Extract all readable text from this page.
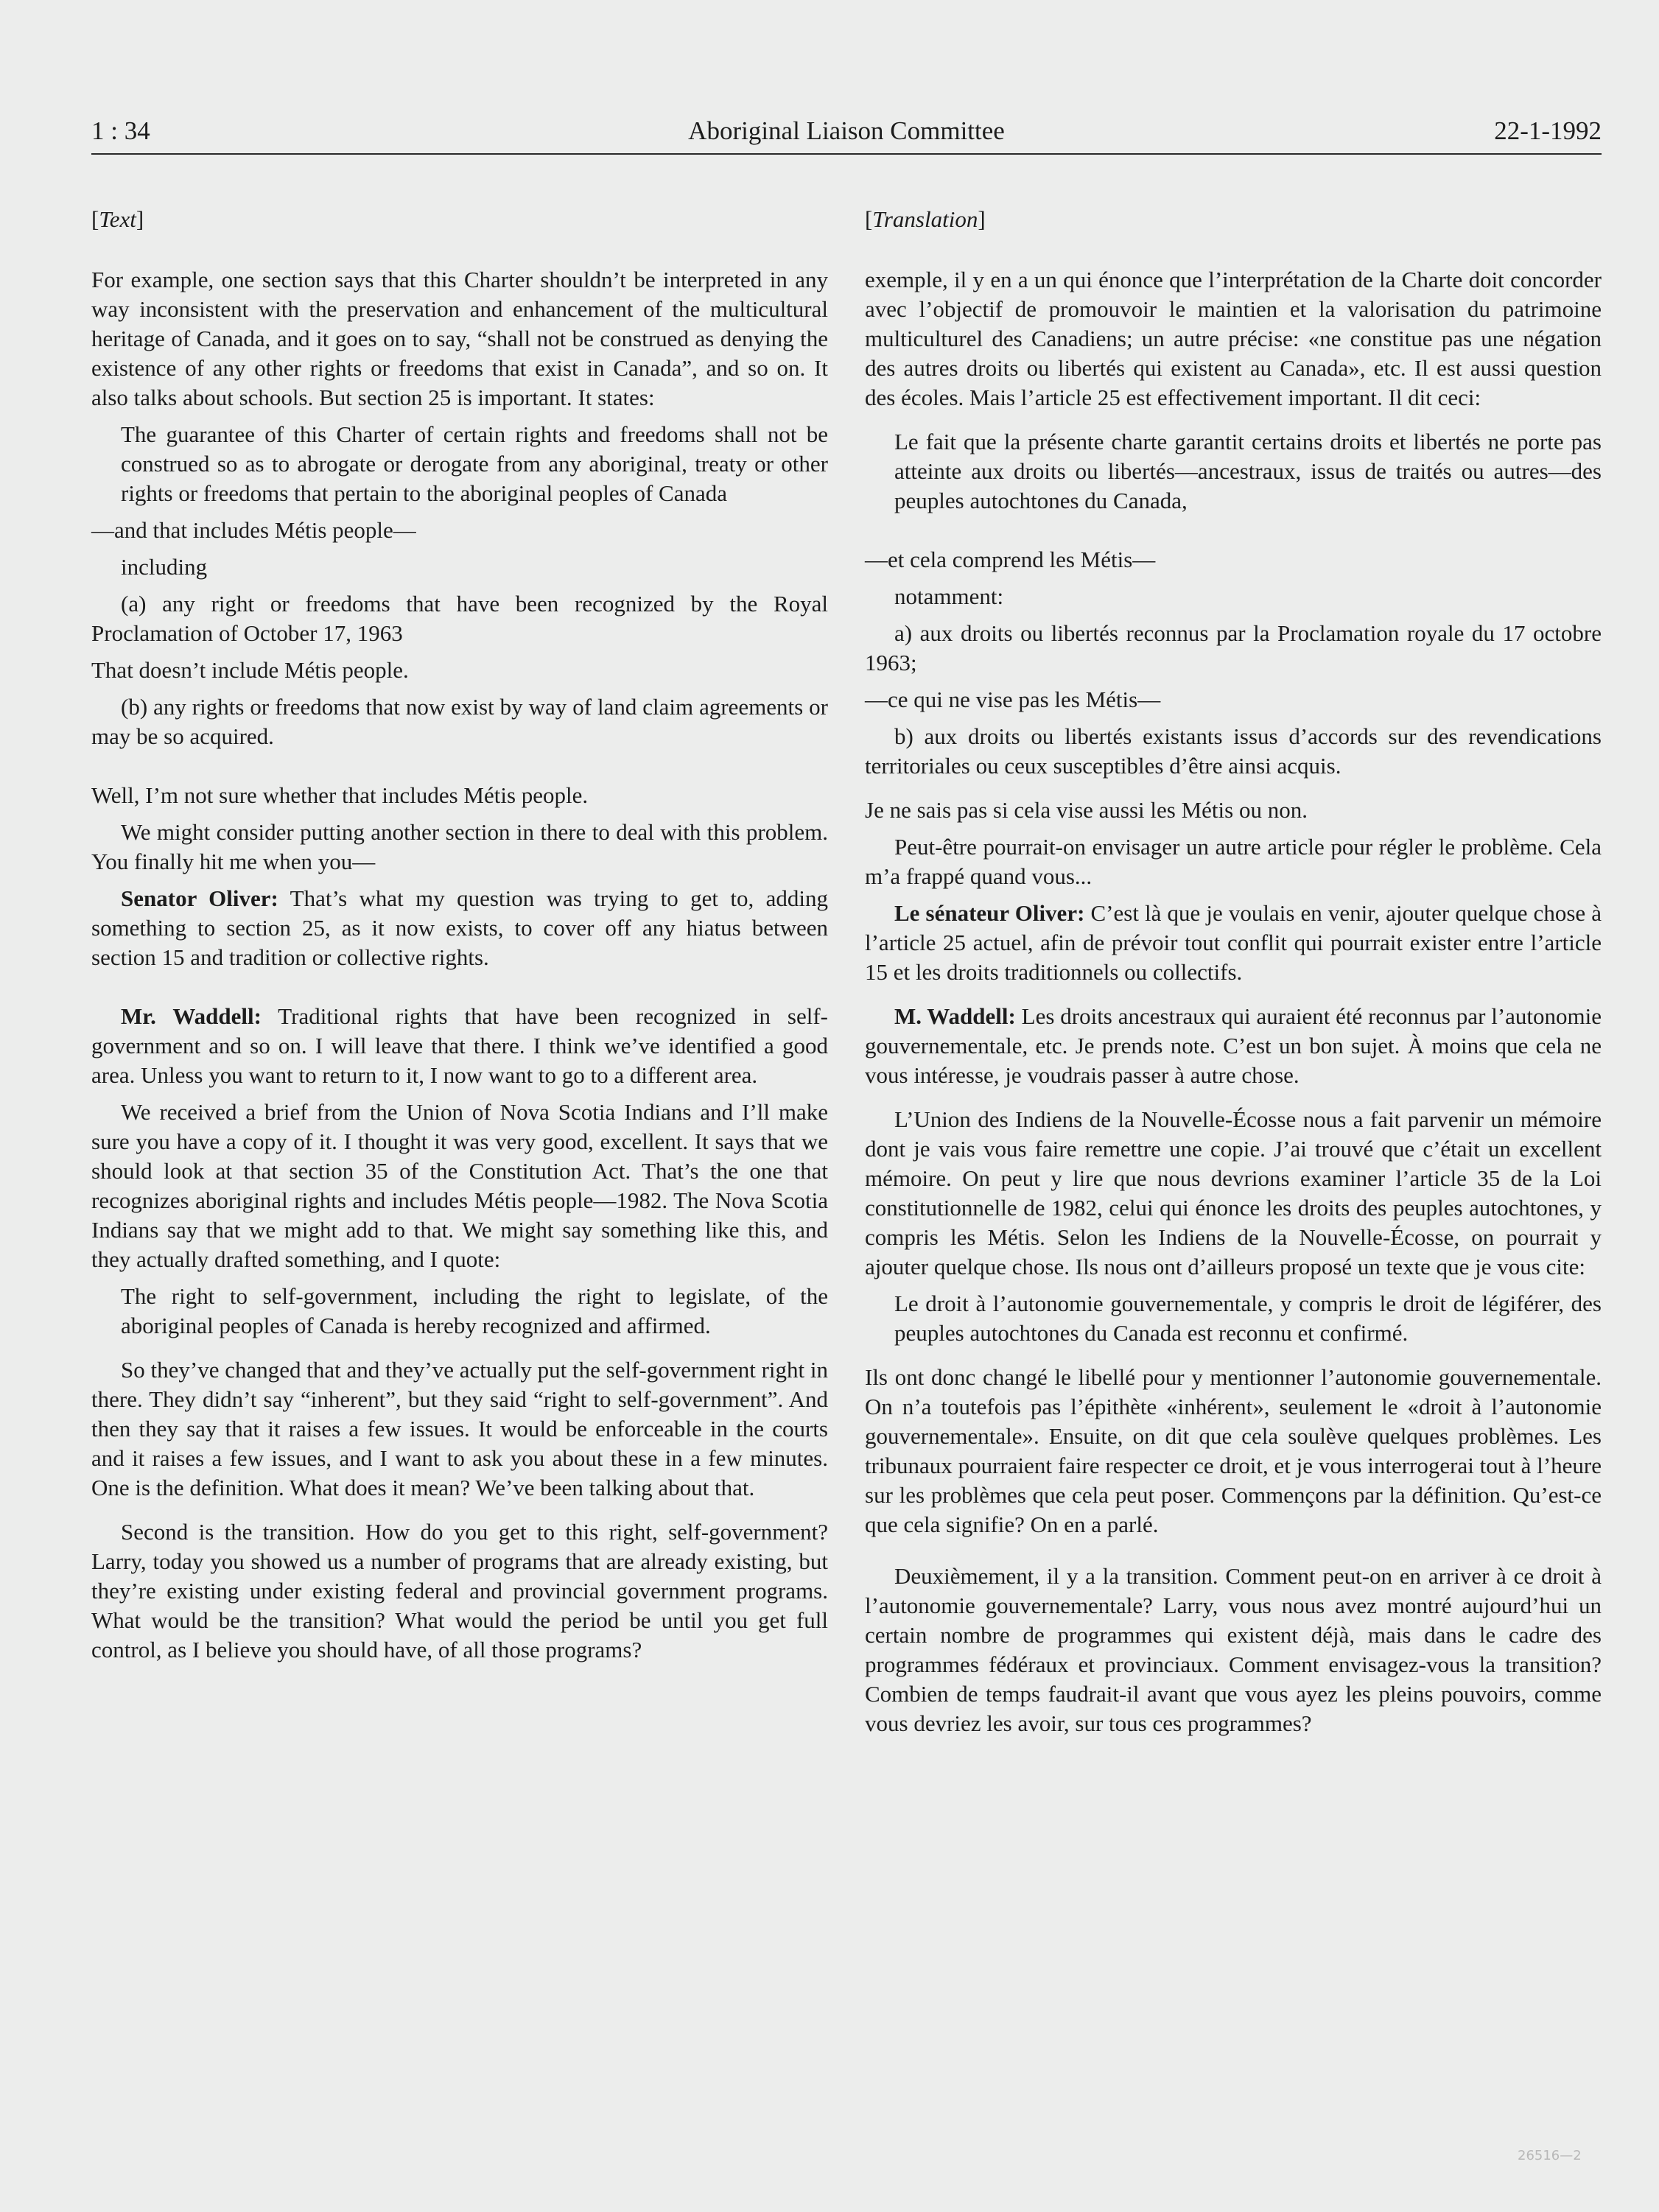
1 : 34	Aboriginal Liaison Committee	22-1-1992

[Text]

For example, one section says that this Charter shouldn’t be interpreted in any way inconsistent with the preservation and enhancement of the multicultural heritage of Canada, and it goes on to say, “shall not be construed as denying the existence of any other rights or freedoms that exist in Canada”, and so on. It also talks about schools. But section 25 is important. It states:

The guarantee of this Charter of certain rights and freedoms shall not be construed so as to abrogate or derogate from any aboriginal, treaty or other rights or freedoms that pertain to the aboriginal peoples of Canada

—and that includes Métis people—

including

(a) any right or freedoms that have been recognized by the Royal Proclamation of October 17, 1963

That doesn’t include Métis people.

(b) any rights or freedoms that now exist by way of land claim agreements or may be so acquired.

Well, I’m not sure whether that includes Métis people.

We might consider putting another section in there to deal with this problem. You finally hit me when you—

Senator Oliver: That’s what my question was trying to get to, adding something to section 25, as it now exists, to cover off any hiatus between section 15 and tradition or collective rights.

Mr. Waddell: Traditional rights that have been recognized in self-government and so on. I will leave that there. I think we’ve identified a good area. Unless you want to return to it, I now want to go to a different area.

We received a brief from the Union of Nova Scotia Indians and I’ll make sure you have a copy of it. I thought it was very good, excellent. It says that we should look at that section 35 of the Constitution Act. That’s the one that recognizes aboriginal rights and includes Métis people—1982. The Nova Scotia Indians say that we might add to that. We might say something like this, and they actually drafted something, and I quote:

The right to self-government, including the right to legislate, of the aboriginal peoples of Canada is hereby recognized and affirmed.

So they’ve changed that and they’ve actually put the self-government right in there. They didn’t say “inherent”, but they said “right to self-government”. And then they say that it raises a few issues. It would be enforceable in the courts and it raises a few issues, and I want to ask you about these in a few minutes. One is the definition. What does it mean? We’ve been talking about that.

Second is the transition. How do you get to this right, self-government? Larry, today you showed us a number of programs that are already existing, but they’re existing under existing federal and provincial government programs. What would be the transition? What would the period be until you get full control, as I believe you should have, of all those programs?

[Translation]

exemple, il y en a un qui énonce que l’interprétation de la Charte doit concorder avec l’objectif de promouvoir le maintien et la valorisation du patrimoine multiculturel des Canadiens; un autre précise: «ne constitue pas une négation des autres droits ou libertés qui existent au Canada», etc. Il est aussi question des écoles. Mais l’article 25 est effectivement important. Il dit ceci:

Le fait que la présente charte garantit certains droits et libertés ne porte pas atteinte aux droits ou libertés—ancestraux, issus de traités ou autres—des peuples autochtones du Canada,

—et cela comprend les Métis—

notamment:

a) aux droits ou libertés reconnus par la Proclamation royale du 17 octobre 1963;

—ce qui ne vise pas les Métis—

b) aux droits ou libertés existants issus d’accords sur des revendications territoriales ou ceux susceptibles d’être ainsi acquis.

Je ne sais pas si cela vise aussi les Métis ou non.

Peut-être pourrait-on envisager un autre article pour régler le problème. Cela m’a frappé quand vous...

Le sénateur Oliver: C’est là que je voulais en venir, ajouter quelque chose à l’article 25 actuel, afin de prévoir tout conflit qui pourrait exister entre l’article 15 et les droits traditionnels ou collectifs.

M. Waddell: Les droits ancestraux qui auraient été reconnus par l’autonomie gouvernementale, etc. Je prends note. C’est un bon sujet. À moins que cela ne vous intéresse, je voudrais passer à autre chose.

L’Union des Indiens de la Nouvelle-Écosse nous a fait parvenir un mémoire dont je vais vous faire remettre une copie. J’ai trouvé que c’était un excellent mémoire. On peut y lire que nous devrions examiner l’article 35 de la Loi constitutionnelle de 1982, celui qui énonce les droits des peuples autochtones, y compris les Métis. Selon les Indiens de la Nouvelle-Écosse, on pourrait y ajouter quelque chose. Ils nous ont d’ailleurs proposé un texte que je vous cite:

Le droit à l’autonomie gouvernementale, y compris le droit de légiférer, des peuples autochtones du Canada est reconnu et confirmé.

Ils ont donc changé le libellé pour y mentionner l’autonomie gouvernementale. On n’a toutefois pas l’épithète «inhérent», seulement le «droit à l’autonomie gouvernementale». Ensuite, on dit que cela soulève quelques problèmes. Les tribunaux pourraient faire respecter ce droit, et je vous interrogerai tout à l’heure sur les problèmes que cela peut poser. Commençons par la définition. Qu’est-ce que cela signifie? On en a parlé.

Deuxièmement, il y a la transition. Comment peut-on en arriver à ce droit à l’autonomie gouvernementale? Larry, vous nous avez montré aujourd’hui un certain nombre de programmes qui existent déjà, mais dans le cadre des programmes fédéraux et provinciaux. Comment envisagez-vous la transition? Combien de temps faudrait-il avant que vous ayez les pleins pouvoirs, comme vous devriez les avoir, sur tous ces programmes?

26516—2
